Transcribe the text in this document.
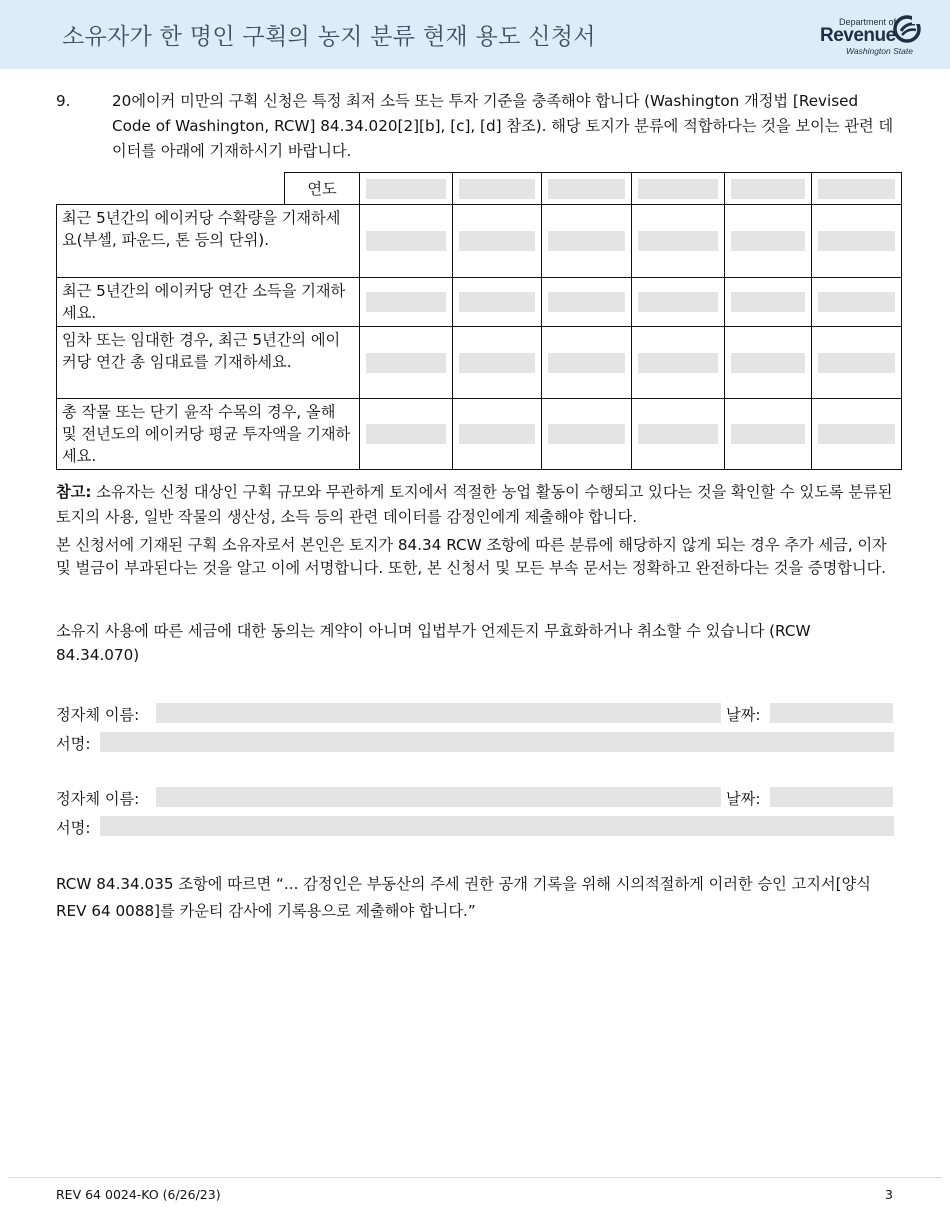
소유자가 한 명인 구획의 농지 분류 현재 용도 신청서
Department of
Revenue
Washington State
9.	20에이커 미만의 구획 신청은 특정 최저 소득 또는 투자 기준을 충족해야 합니다 (Washington 개정법 [Revised Code of Washington, RCW] 84.34.020[2][b], [c], [d] 참조). 해당 토지가 분류에 적합하다는 것을 보이는 관련 데이터를 아래에 기재하시기 바랍니다.
	연도	

최근 5년간의 에이커당 수확량을 기재하세요(부셀, 파운드, 톤 등의 단위).		

최근 5년간의 에이커당 연간 소득을 기재하세요.		

임차 또는 임대한 경우, 최근 5년간의 에이커당 연간 총 임대료를 기재하세요.		

총 작물 또는 단기 윤작 수목의 경우, 올해 및 전년도의 에이커당 평균 투자액을 기재하세요.		

참고: 소유자는 신청 대상인 구획 규모와 무관하게 토지에서 적절한 농업 활동이 수행되고 있다는 것을 확인할 수 있도록 분류된 토지의 사용, 일반 작물의 생산성, 소득 등의 관련 데이터를 감정인에게 제출해야 합니다.
본 신청서에 기재된 구획 소유자로서 본인은 토지가 84.34 RCW 조항에 따른 분류에 해당하지 않게 되는 경우 추가 세금, 이자 및 벌금이 부과된다는 것을 알고 이에 서명합니다. 또한, 본 신청서 및 모든 부속 문서는 정확하고 완전하다는 것을 증명합니다.
소유지 사용에 따른 세금에 대한 동의는 계약이 아니며 입법부가 언제든지 무효화하거나 취소할 수 있습니다 (RCW 84.34.070)
정자체 이름:	날짜:
서명:
정자체 이름:	날짜:
서명:
RCW 84.34.035 조항에 따르면 “... 감정인은 부동산의 주세 권한 공개 기록을 위해 시의적절하게 이러한 승인 고지서[양식 REV 64 0088]를 카운티 감사에 기록용으로 제출해야 합니다.”
REV 64 0024-KO (6/26/23)	3
